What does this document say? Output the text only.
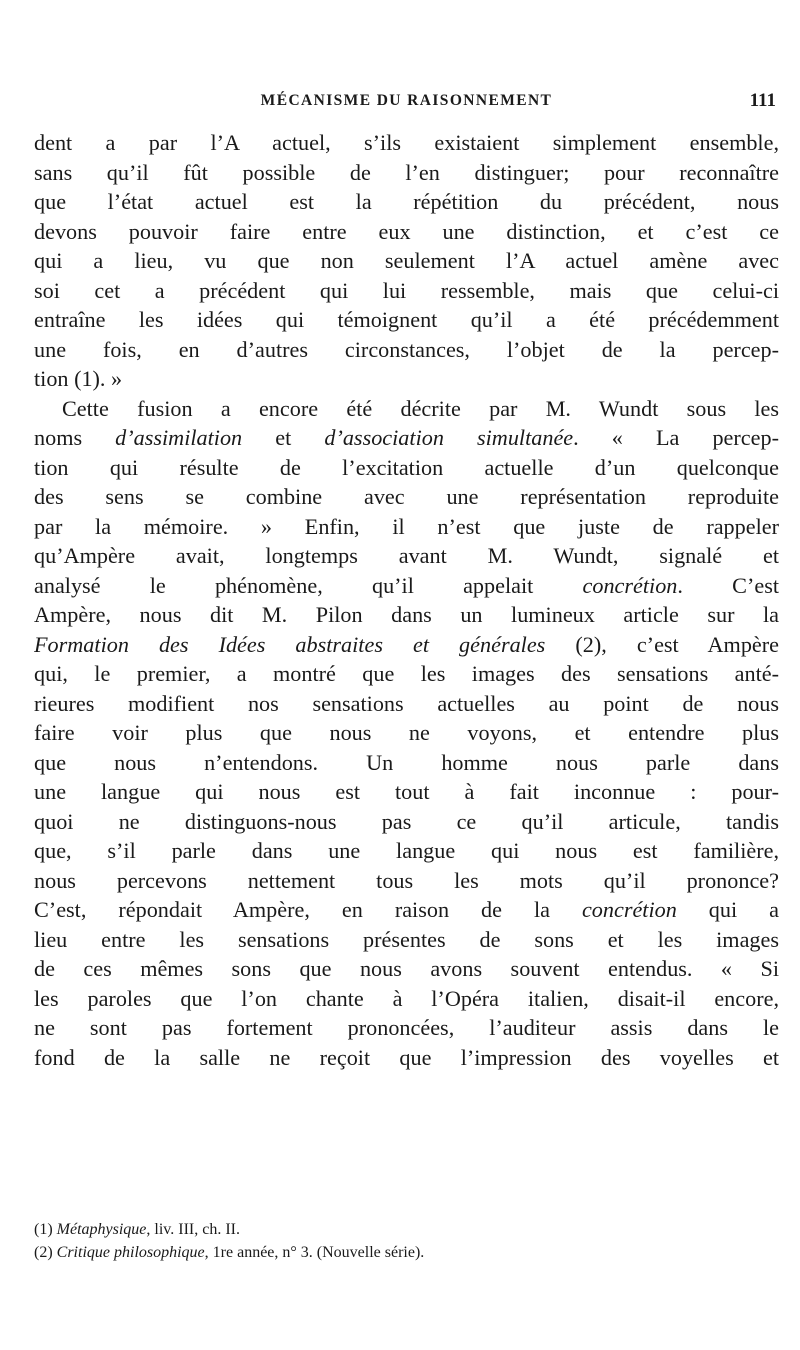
MÉCANISME DU RAISONNEMENT	111
dent a par l’A actuel, s’ils existaient simplement ensemble,
sans qu’il fût possible de l’en distinguer; pour reconnaître
que l’état actuel est la répétition du précédent, nous
devons pouvoir faire entre eux une distinction, et c’est ce
qui a lieu, vu que non seulement l’A actuel amène avec
soi cet a précédent qui lui ressemble, mais que celui-ci
entraîne les idées qui témoignent qu’il a été précédemment
une fois, en d’autres circonstances, l’objet de la percep-
tion (1). »
Cette fusion a encore été décrite par M. Wundt sous les
noms d’assimilation et d’association simultanée. « La percep-
tion qui résulte de l’excitation actuelle d’un quelconque
des sens se combine avec une représentation reproduite
par la mémoire. » Enfin, il n’est que juste de rappeler
qu’Ampère avait, longtemps avant M. Wundt, signalé et
analysé le phénomène, qu’il appelait concrétion. C’est
Ampère, nous dit M. Pilon dans un lumineux article sur la
Formation des Idées abstraites et générales (2), c’est Ampère
qui, le premier, a montré que les images des sensations anté-
rieures modifient nos sensations actuelles au point de nous
faire voir plus que nous ne voyons, et entendre plus
que nous n’entendons. Un homme nous parle dans
une langue qui nous est tout à fait inconnue : pour-
quoi ne distinguons-nous pas ce qu’il articule, tandis
que, s’il parle dans une langue qui nous est familière,
nous percevons nettement tous les mots qu’il prononce?
C’est, répondait Ampère, en raison de la concrétion qui a
lieu entre les sensations présentes de sons et les images
de ces mêmes sons que nous avons souvent entendus. « Si
les paroles que l’on chante à l’Opéra italien, disait-il encore,
ne sont pas fortement prononcées, l’auditeur assis dans le
fond de la salle ne reçoit que l’impression des voyelles et
(1) Métaphysique, liv. III, ch. II.
(2) Critique philosophique, 1re année, n° 3. (Nouvelle série).
